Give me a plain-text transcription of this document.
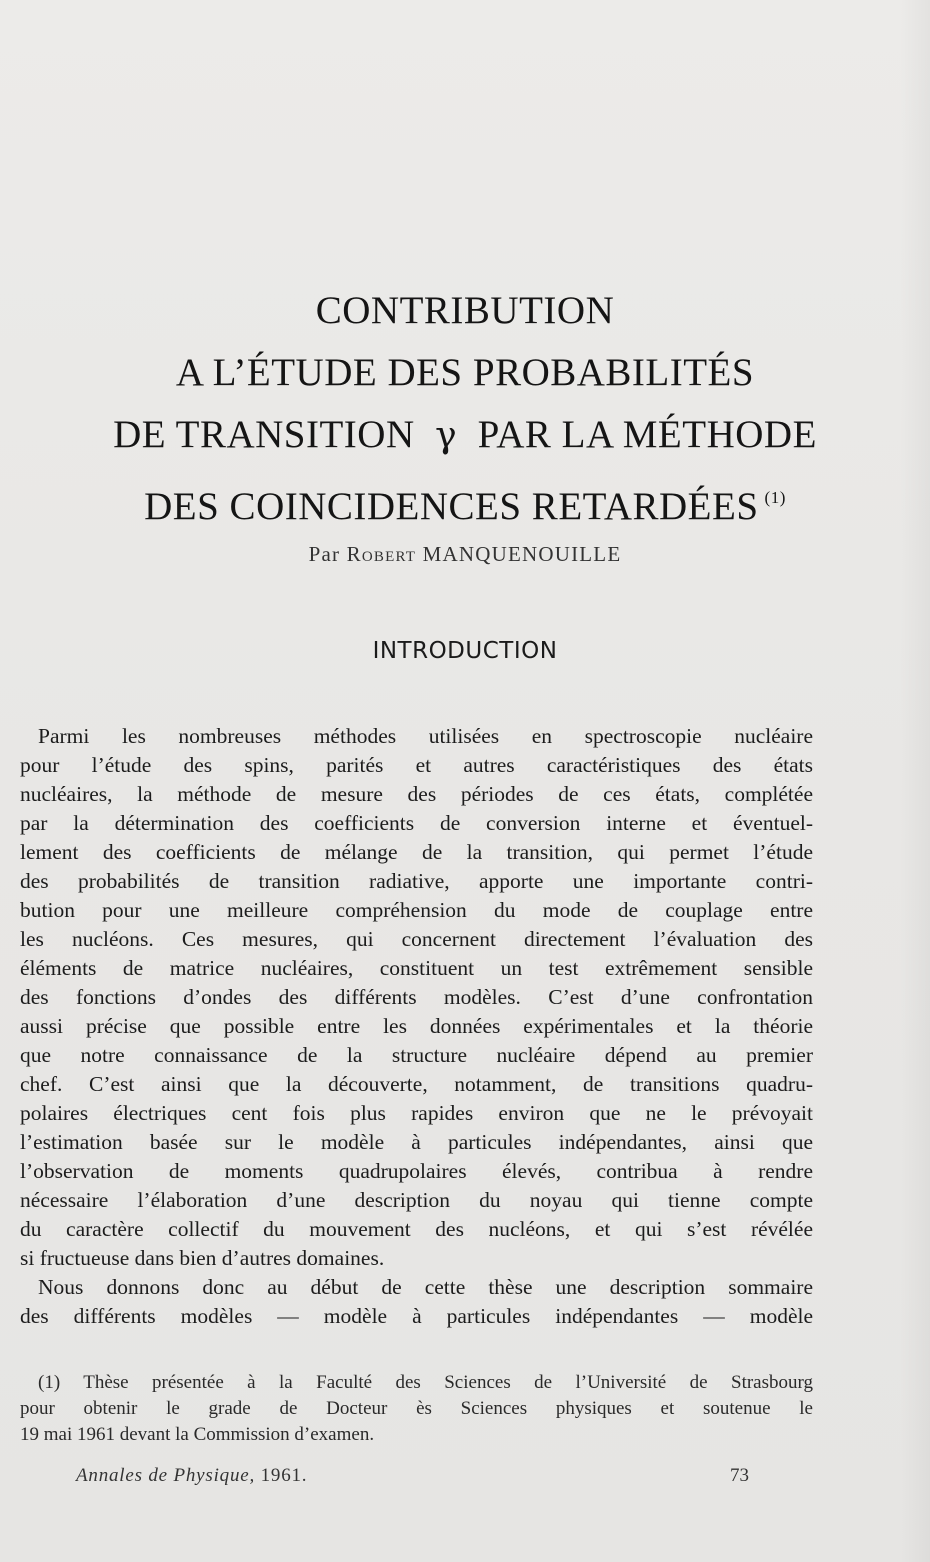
CONTRIBUTION
A L’ÉTUDE DES PROBABILITÉS
DE TRANSITION γ PAR LA MÉTHODE
DES COINCIDENCES RETARDÉES $^{(1)}$
Par Robert MANQUENOUILLE
INTRODUCTION
Parmi les nombreuses méthodes utilisées en spectroscopie nucléaire
pour l’étude des spins, parités et autres caractéristiques des états
nucléaires, la méthode de mesure des périodes de ces états, complétée
par la détermination des coefficients de conversion interne et éventuel-
lement des coefficients de mélange de la transition, qui permet l’étude
des probabilités de transition radiative, apporte une importante contri-
bution pour une meilleure compréhension du mode de couplage entre
les nucléons. Ces mesures, qui concernent directement l’évaluation des
éléments de matrice nucléaires, constituent un test extrêmement sensible
des fonctions d’ondes des différents modèles. C’est d’une confrontation
aussi précise que possible entre les données expérimentales et la théorie
que notre connaissance de la structure nucléaire dépend au premier
chef. C’est ainsi que la découverte, notamment, de transitions quadru-
polaires électriques cent fois plus rapides environ que ne le prévoyait
l’estimation basée sur le modèle à particules indépendantes, ainsi que
l’observation de moments quadrupolaires élevés, contribua à rendre
nécessaire l’élaboration d’une description du noyau qui tienne compte
du caractère collectif du mouvement des nucléons, et qui s’est révélée
si fructueuse dans bien d’autres domaines.
Nous donnons donc au début de cette thèse une description sommaire
des différents modèles — modèle à particules indépendantes — modèle
(1) Thèse présentée à la Faculté des Sciences de l’Université de Strasbourg
pour obtenir le grade de Docteur ès Sciences physiques et soutenue le
19 mai 1961 devant la Commission d’examen.
Annales de Physique, 1961.	73
